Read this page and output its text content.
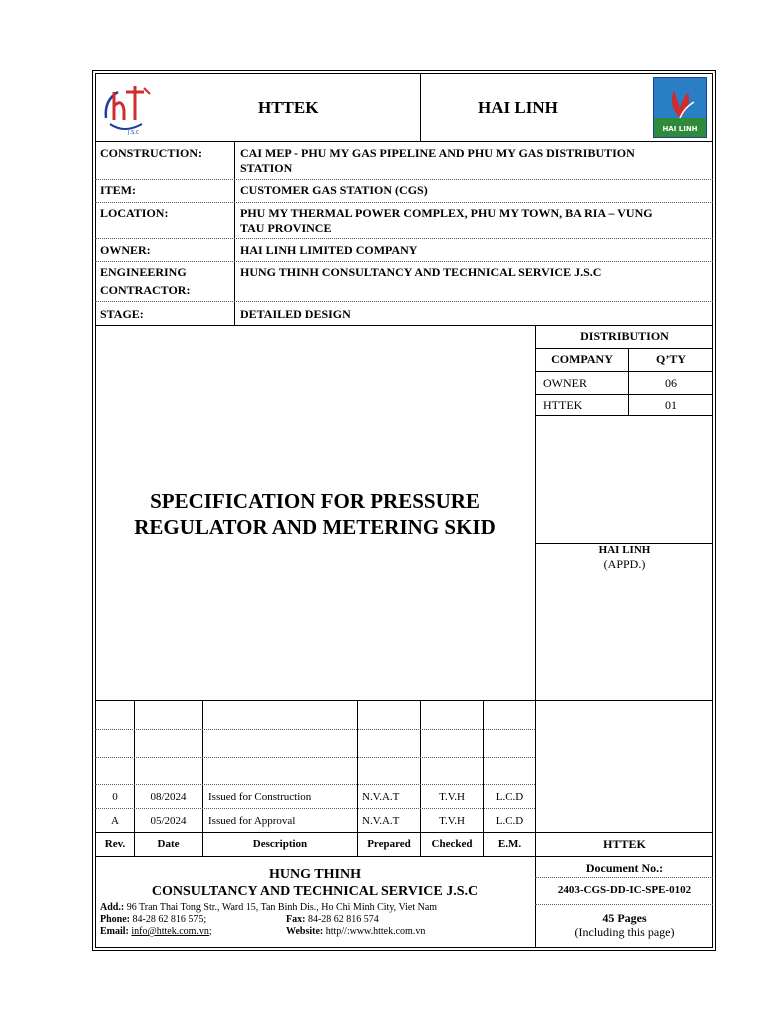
J.S.C
HTTEK	HAI LINH
HAI LINH
CONSTRUCTION:	CAI MEP - PHU MY GAS PIPELINE AND PHU MY GAS DISTRIBUTION
STATION
ITEM:	CUSTOMER GAS STATION (CGS)
LOCATION:	PHU MY THERMAL POWER COMPLEX, PHU MY TOWN, BA RIA – VUNG
TAU PROVINCE
OWNER:	HAI LINH LIMITED COMPANY
ENGINEERING
CONTRACTOR:
HUNG THINH CONSULTANCY AND TECHNICAL SERVICE J.S.C
STAGE:	DETAILED DESIGN
SPECIFICATION FOR PRESSURE
REGULATOR AND METERING SKID
DISTRIBUTION
COMPANY	Q’TY
OWNER	06
HTTEK	01
HAI LINH
(APPD.)
0	08/2024	Issued for Construction	N.V.A.T	T.V.H	L.C.D
A	05/2024	Issued for Approval	N.V.A.T	T.V.H	L.C.D
Rev.	Date	Description	Prepared	Checked	E.M.	HTTEK
HUNG THINH
CONSULTANCY AND TECHNICAL SERVICE J.S.C
Add.: 96 Tran Thai Tong Str., Ward 15, Tan Binh Dis., Ho Chi Minh City, Viet Nam
Phone: 84-28 62 816 575;	Fax: 84-28 62 816 574
Email: info@httek.com.vn;	Website: http//:www.httek.com.vn
Document No.:
2403-CGS-DD-IC-SPE-0102
45 Pages
(Including this page)
